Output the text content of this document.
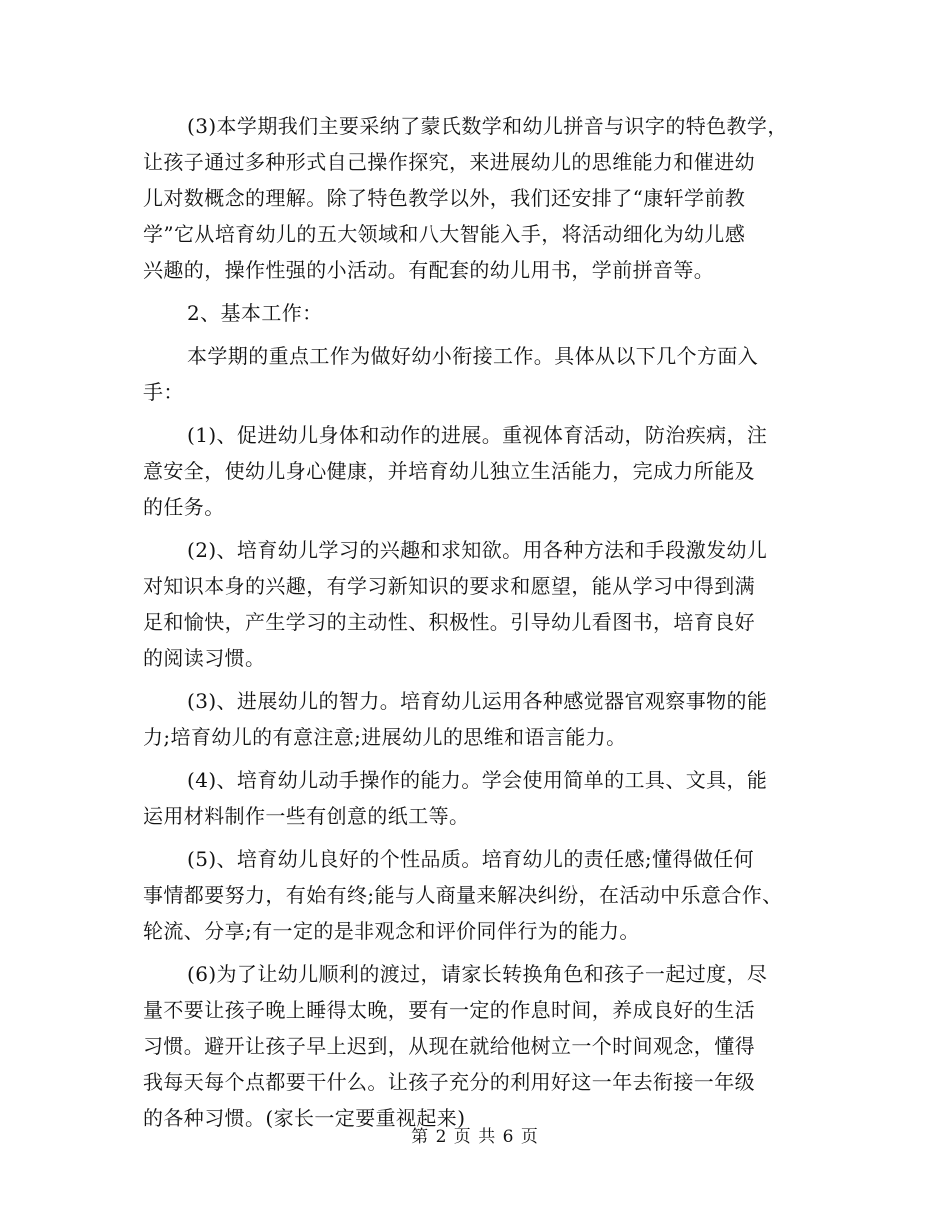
(3)本学期我们主要采纳了蒙氏数学和幼儿拼音与识字的特色教学，
让孩子通过多种形式自己操作探究，来进展幼儿的思维能力和催进幼
儿对数概念的理解。除了特色教学以外，我们还安排了“康轩学前教
学”它从培育幼儿的五大领域和八大智能入手，将活动细化为幼儿感
兴趣的，操作性强的小活动。有配套的幼儿用书，学前拼音等。
2、基本工作：
本学期的重点工作为做好幼小衔接工作。具体从以下几个方面入
手：
(1)、促进幼儿身体和动作的进展。重视体育活动，防治疾病，注
意安全，使幼儿身心健康，并培育幼儿独立生活能力，完成力所能及
的任务。
(2)、培育幼儿学习的兴趣和求知欲。用各种方法和手段激发幼儿
对知识本身的兴趣，有学习新知识的要求和愿望，能从学习中得到满
足和愉快，产生学习的主动性、积极性。引导幼儿看图书，培育良好
的阅读习惯。
(3)、进展幼儿的智力。培育幼儿运用各种感觉器官观察事物的能
力;培育幼儿的有意注意;进展幼儿的思维和语言能力。
(4)、培育幼儿动手操作的能力。学会使用简单的工具、文具，能
运用材料制作一些有创意的纸工等。
(5)、培育幼儿良好的个性品质。培育幼儿的责任感;懂得做任何
事情都要努力，有始有终;能与人商量来解决纠纷，在活动中乐意合作、
轮流、分享;有一定的是非观念和评价同伴行为的能力。
(6)为了让幼儿顺利的渡过，请家长转换角色和孩子一起过度，尽
量不要让孩子晚上睡得太晚，要有一定的作息时间，养成良好的生活
习惯。避开让孩子早上迟到，从现在就给他树立一个时间观念，懂得
我每天每个点都要干什么。让孩子充分的利用好这一年去衔接一年级
的各种习惯。(家长一定要重视起来)
第 2 页 共 6 页
